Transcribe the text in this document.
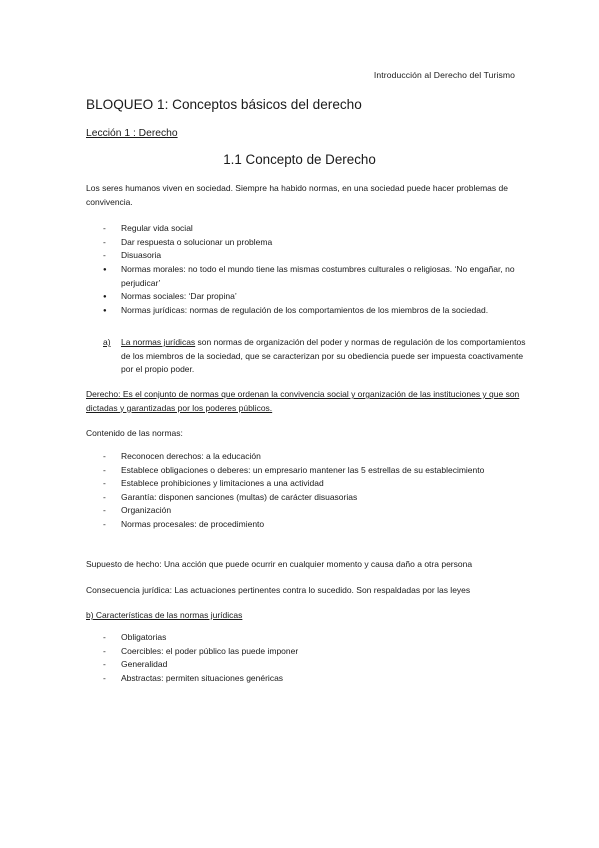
Introducción al Derecho del Turismo
BLOQUEO 1: Conceptos básicos del derecho
Lección 1 : Derecho
1.1 Concepto de Derecho
Los seres humanos viven en sociedad. Siempre ha habido normas, en una sociedad puede hacer problemas de convivencia.
-
Regular vida social
-
Dar respuesta o solucionar un problema
-
Disuasoria
●
Normas morales: no todo el mundo tiene las mismas costumbres culturales o religiosas. ‘No engañar, no perjudicar’
●
Normas sociales: ‘Dar propina’
●
Normas jurídicas: normas de regulación de los comportamientos de los miembros de la sociedad.
a)	La normas jurídicas son normas de organización del poder y normas de regulación de los comportamientos de los miembros de la sociedad, que se caracterizan por su obediencia puede ser impuesta coactivamente por el propio poder.
Derecho: Es el conjunto de normas que ordenan la convivencia social y organización de las instituciones y que son dictadas y garantizadas por los poderes públicos.
Contenido de las normas:
-
Reconocen derechos: a la educación
-
Establece obligaciones o deberes: un empresario mantener las 5 estrellas de su establecimiento
-
Establece prohibiciones y limitaciones a una actividad
-
Garantía: disponen sanciones (multas) de carácter disuasorias
-
Organización
-
Normas procesales: de procedimiento
Supuesto de hecho: Una acción que puede ocurrir en cualquier momento y causa daño a otra persona
Consecuencia jurídica: Las actuaciones pertinentes contra lo sucedido. Son respaldadas por las leyes
b) Características de las normas jurídicas
-
Obligatorias
-
Coercibles: el poder público las puede imponer
-
Generalidad
-
Abstractas: permiten situaciones genéricas
